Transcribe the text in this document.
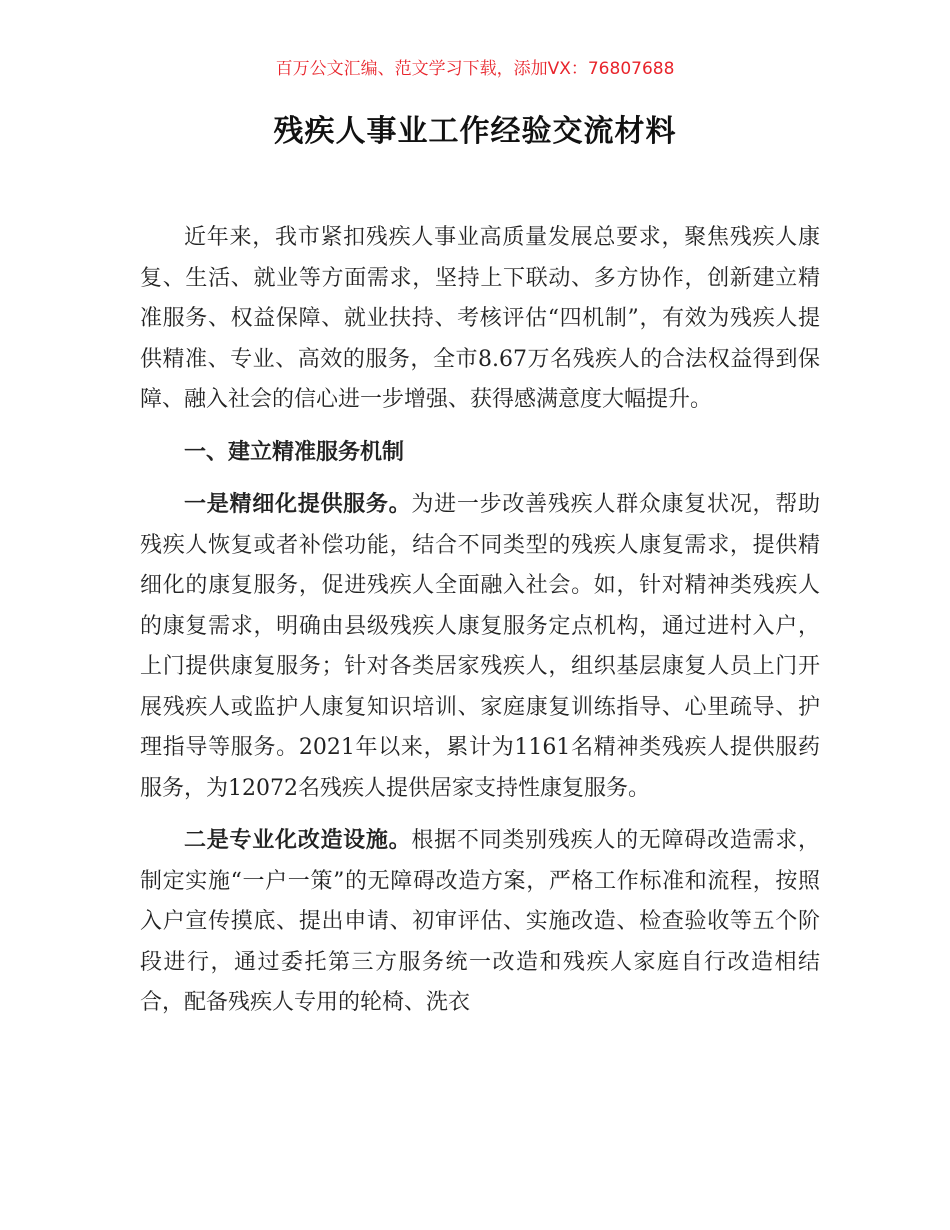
百万公文汇编、范文学习下载，添加VX：76807688
残疾人事业工作经验交流材料

近年来，我市紧扣残疾人事业高质量发展总要求，聚焦残疾人康复、生活、就业等方面需求，坚持上下联动、多方协作，创新建立精准服务、权益保障、就业扶持、考核评估“四机制”，有效为残疾人提供精准、专业、高效的服务，全市8.67万名残疾人的合法权益得到保障、融入社会的信心进一步增强、获得感满意度大幅提升。

一、建立精准服务机制

一是精细化提供服务。为进一步改善残疾人群众康复状况，帮助残疾人恢复或者补偿功能，结合不同类型的残疾人康复需求，提供精细化的康复服务，促进残疾人全面融入社会。如，针对精神类残疾人的康复需求，明确由县级残疾人康复服务定点机构，通过进村入户，上门提供康复服务；针对各类居家残疾人，组织基层康复人员上门开展残疾人或监护人康复知识培训、家庭康复训练指导、心里疏导、护理指导等服务。2021年以来，累计为1161名精神类残疾人提供服药服务，为12072名残疾人提供居家支持性康复服务。

二是专业化改造设施。根据不同类别残疾人的无障碍改造需求，制定实施“一户一策”的无障碍改造方案，严格工作标准和流程，按照入户宣传摸底、提出申请、初审评估、实施改造、检查验收等五个阶段进行，通过委托第三方服务统一改造和残疾人家庭自行改造相结合，配备残疾人专用的轮椅、洗衣
